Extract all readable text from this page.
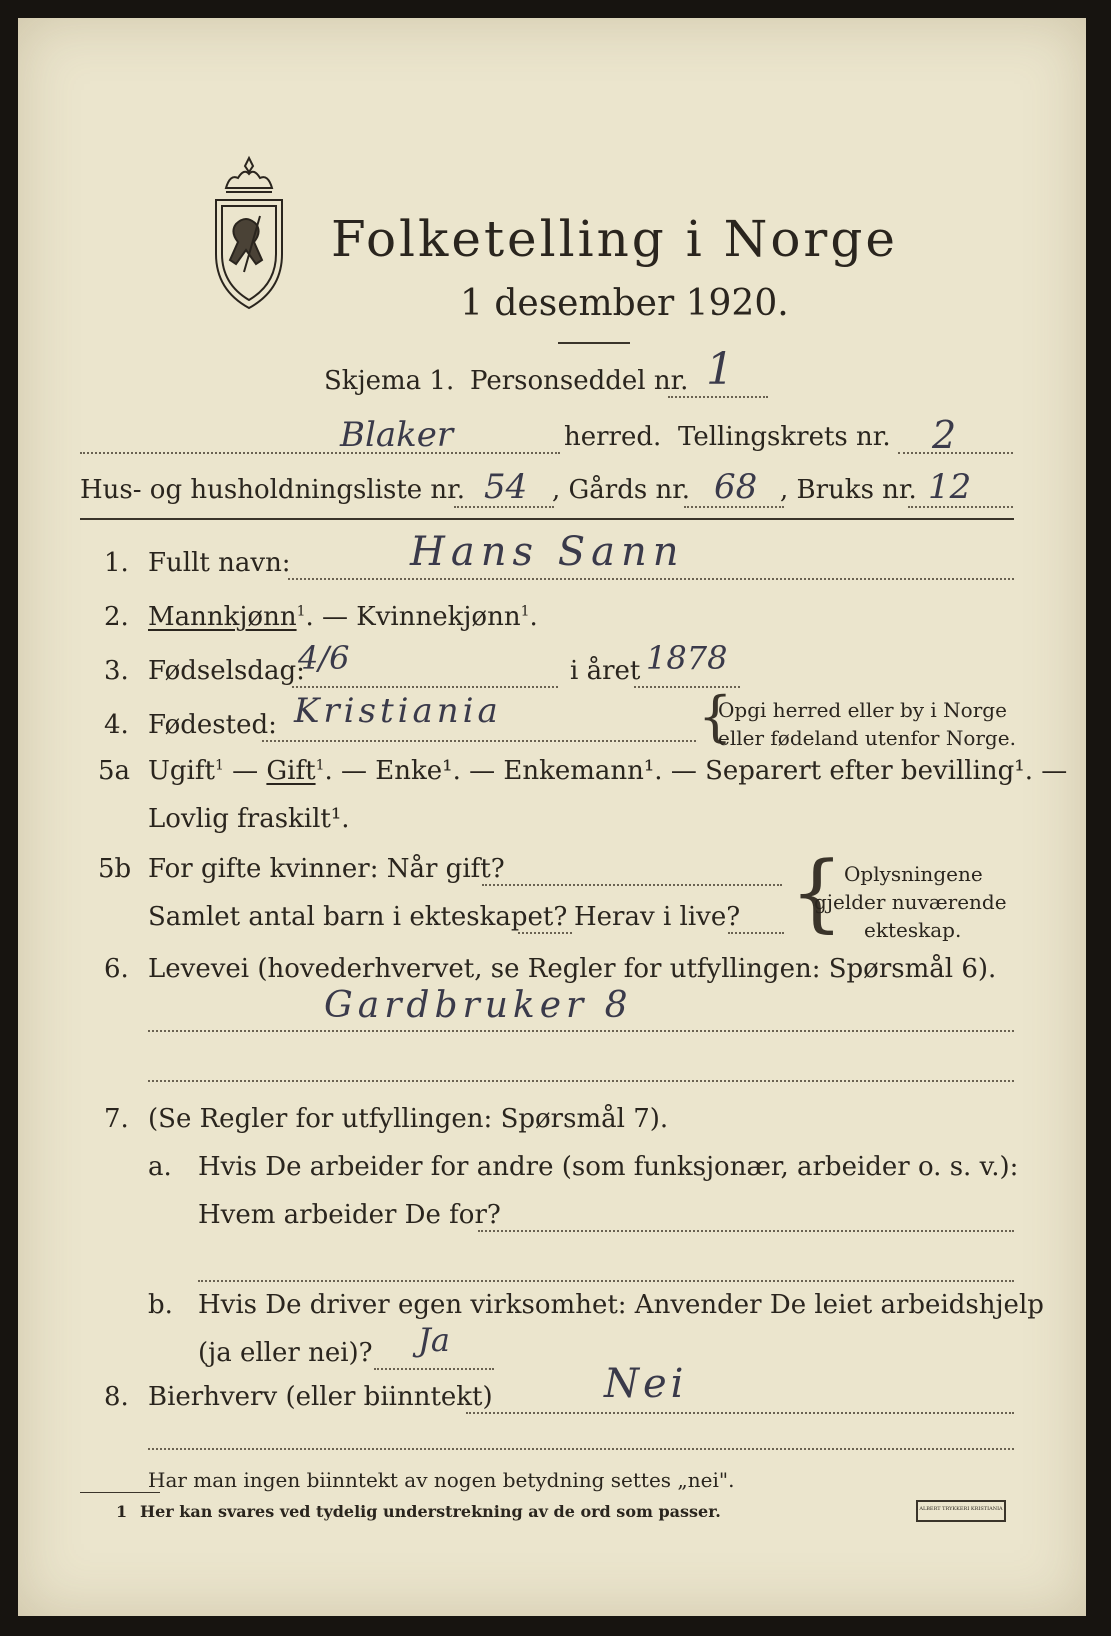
Folketelling i Norge
1 desember 1920.
Skjema 1. Personseddel nr. 1
Blaker	herred. Tellingskrets nr. 2
Hus- og husholdningsliste nr. 54 , Gårds nr. 68 , Bruks nr. 12
1. Fullt navn:	Hans Sann
2. Mannkjønn$^1$. — Kvinnekjønn$^1$.
3. Fødselsdag:
4/6	i året 1878
4. Fødested: Kristiania	{
Opgi herred eller by i Norge
eller fødeland utenfor Norge.
5a Ugift$^1$ — Gift$^1$. — Enke¹. — Enkemann¹. — Separert efter bevilling¹. —
Lovlig fraskilt¹.
5b For gifte kvinner: Når gift?
Samlet antal barn i ekteskapet? Herav i live? { Oplysningene
gjelder nuværende
ekteskap.
6. Levevei (hovederhvervet, se Regler for utfyllingen: Spørsmål 6).
Gardbruker 8
7. (Se Regler for utfyllingen: Spørsmål 7).
a. Hvis De arbeider for andre (som funksjonær, arbeider o. s. v.):
Hvem arbeider De for?
b. Hvis De driver egen virksomhet: Anvender De leiet arbeidshjelp
(ja eller nei)? Ja
8. Bierhverv (eller biinntekt)	Nei
Har man ingen biinntekt av nogen betydning settes „nei".
1 Her kan svares ved tydelig understrekning av de ord som passer.	ALBERT TRYKKERI KRISTIANIA
